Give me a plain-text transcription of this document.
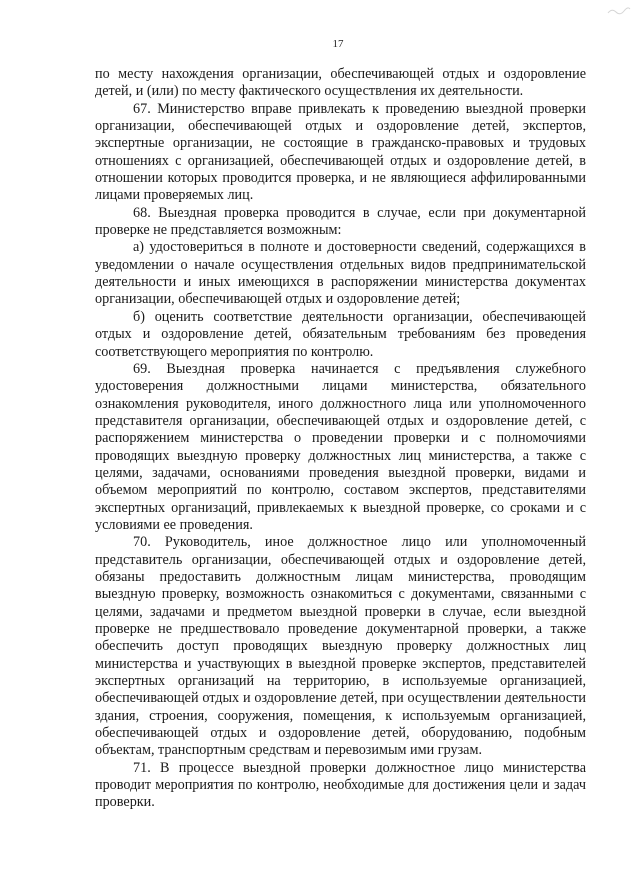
17

по месту нахождения организации, обеспечивающей отдых и оздоровление детей, и (или) по месту фактического осуществления их деятельности.

67. Министерство вправе привлекать к проведению выездной проверки организации, обеспечивающей отдых и оздоровление детей, экспертов, экспертные организации, не состоящие в гражданско-правовых и трудовых отношениях с организацией, обеспечивающей отдых и оздоровление детей, в отношении которых проводится проверка, и не являющиеся аффилированными лицами проверяемых лиц.

68. Выездная проверка проводится в случае, если при документарной проверке не представляется возможным:

а) удостовериться в полноте и достоверности сведений, содержащихся в уведомлении о начале осуществления отдельных видов предпринимательской деятельности и иных имеющихся в распоряжении министерства документах организации, обеспечивающей отдых и оздоровление детей;

б) оценить соответствие деятельности организации, обеспечивающей отдых и оздоровление детей, обязательным требованиям без проведения соответствующего мероприятия по контролю.

69. Выездная проверка начинается с предъявления служебного удостоверения должностными лицами министерства, обязательного ознакомления руководителя, иного должностного лица или уполномоченного представителя организации, обеспечивающей отдых и оздоровление детей, с распоряжением министерства о проведении проверки и с полномочиями проводящих выездную проверку должностных лиц министерства, а также с целями, задачами, основаниями проведения выездной проверки, видами и объемом мероприятий по контролю, составом экспертов, представителями экспертных организаций, привлекаемых к выездной проверке, со сроками и с условиями ее проведения.

70. Руководитель, иное должностное лицо или уполномоченный представитель организации, обеспечивающей отдых и оздоровление детей, обязаны предоставить должностным лицам министерства, проводящим выездную проверку, возможность ознакомиться с документами, связанными с целями, задачами и предметом выездной проверки в случае, если выездной проверке не предшествовало проведение документарной проверки, а также обеспечить доступ проводящих выездную проверку должностных лиц министерства и участвующих в выездной проверке экспертов, представителей экспертных организаций на территорию, в используемые организацией, обеспечивающей отдых и оздоровление детей, при осуществлении деятельности здания, строения, сооружения, помещения, к используемым организацией, обеспечивающей отдых и оздоровление детей, оборудованию, подобным объектам, транспортным средствам и перевозимым ими грузам.

71. В процессе выездной проверки должностное лицо министерства проводит мероприятия по контролю, необходимые для достижения цели и задач проверки.
